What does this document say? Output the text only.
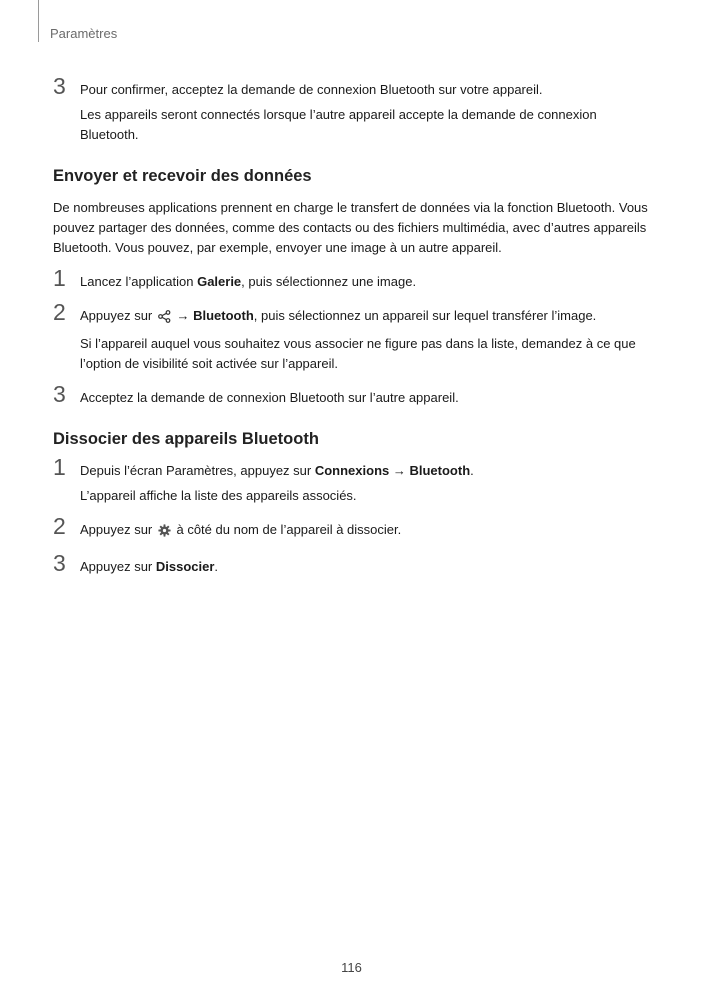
Paramètres
3 Pour confirmer, acceptez la demande de connexion Bluetooth sur votre appareil.
Les appareils seront connectés lorsque l’autre appareil accepte la demande de connexion Bluetooth.
Envoyer et recevoir des données
De nombreuses applications prennent en charge le transfert de données via la fonction Bluetooth. Vous pouvez partager des données, comme des contacts ou des fichiers multimédia, avec d’autres appareils Bluetooth. Vous pouvez, par exemple, envoyer une image à un autre appareil.
1 Lancez l’application Galerie, puis sélectionnez une image.
2 Appuyez sur  → Bluetooth, puis sélectionnez un appareil sur lequel transférer l’image.
Si l’appareil auquel vous souhaitez vous associer ne figure pas dans la liste, demandez à ce que l’option de visibilité soit activée sur l’appareil.
3 Acceptez la demande de connexion Bluetooth sur l’autre appareil.
Dissocier des appareils Bluetooth
1 Depuis l’écran Paramètres, appuyez sur Connexions → Bluetooth.
L’appareil affiche la liste des appareils associés.
2 Appuyez sur  à côté du nom de l’appareil à dissocier.
3 Appuyez sur Dissocier.
116
